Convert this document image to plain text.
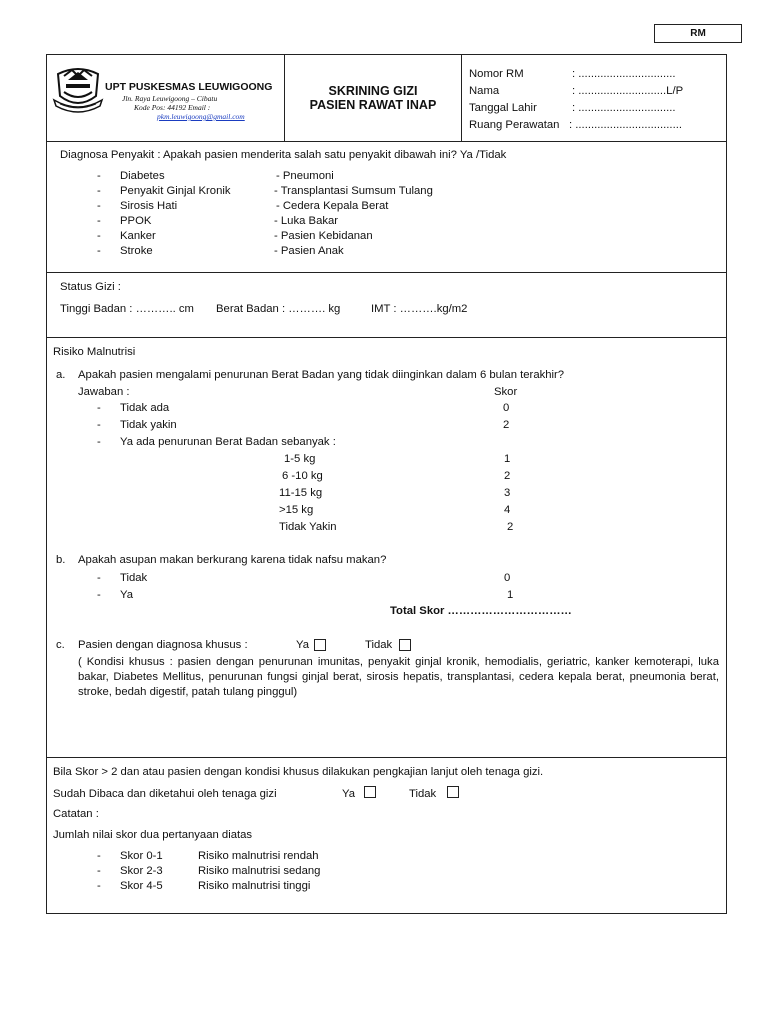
RM
UPT PUSKESMAS LEUWIGOONG
Jln. Raya Leuwigoong – Cibatu
Kode Pos: 44192 Email :
pkm.leuwigoong@gmail.com
SKRINING GIZI
PASIEN RAWAT INAP
Nomor RM	: ...............................
Nama	: ............................L/P
Tanggal Lahir	: ...............................
Ruang Perawatan : ..................................
Diagnosa Penyakit : Apakah pasien menderita salah satu penyakit dibawah ini? Ya /Tidak
- Diabetes	- Pneumoni
- Penyakit Ginjal Kronik	- Transplantasi Sumsum Tulang
- Sirosis Hati	- Cedera Kepala Berat
- PPOK	- Luka Bakar
- Kanker	- Pasien Kebidanan
- Stroke	- Pasien Anak
Status Gizi :
Tinggi Badan : ……….. cm Berat Badan : ………. kg	IMT : ……….kg/m2
Risiko Malnutrisi
a. Apakah pasien mengalami penurunan Berat Badan yang tidak diinginkan dalam 6 bulan terakhir?
Jawaban :	Skor
- Tidak ada	0
- Tidak yakin	2
- Ya ada penurunan Berat Badan sebanyak :
1-5 kg	1
6 -10 kg	2
11-15 kg	3
>15 kg	4
Tidak Yakin	2
b. Apakah asupan makan berkurang karena tidak nafsu makan?
- Tidak	0
- Ya	1
Total Skor ……………………………
c. Pasien dengan diagnosa khusus :	Ya	Tidak
( Kondisi khusus : pasien dengan penurunan imunitas, penyakit ginjal kronik, hemodialis, geriatric, kanker kemoterapi, luka bakar, Diabetes Mellitus, penurunan fungsi ginjal berat, sirosis hepatis, transplantasi, cedera kepala berat, pneumonia berat, stroke, bedah digestif, patah tulang pinggul)
Bila Skor > 2 dan atau pasien dengan kondisi khusus dilakukan pengkajian lanjut oleh tenaga gizi.
Sudah Dibaca dan diketahui oleh tenaga gizi	Ya	Tidak
Catatan :
Jumlah nilai skor dua pertanyaan diatas
- Skor 0-1	Risiko malnutrisi rendah
- Skor 2-3	Risiko malnutrisi sedang
- Skor 4-5	Risiko malnutrisi tinggi
